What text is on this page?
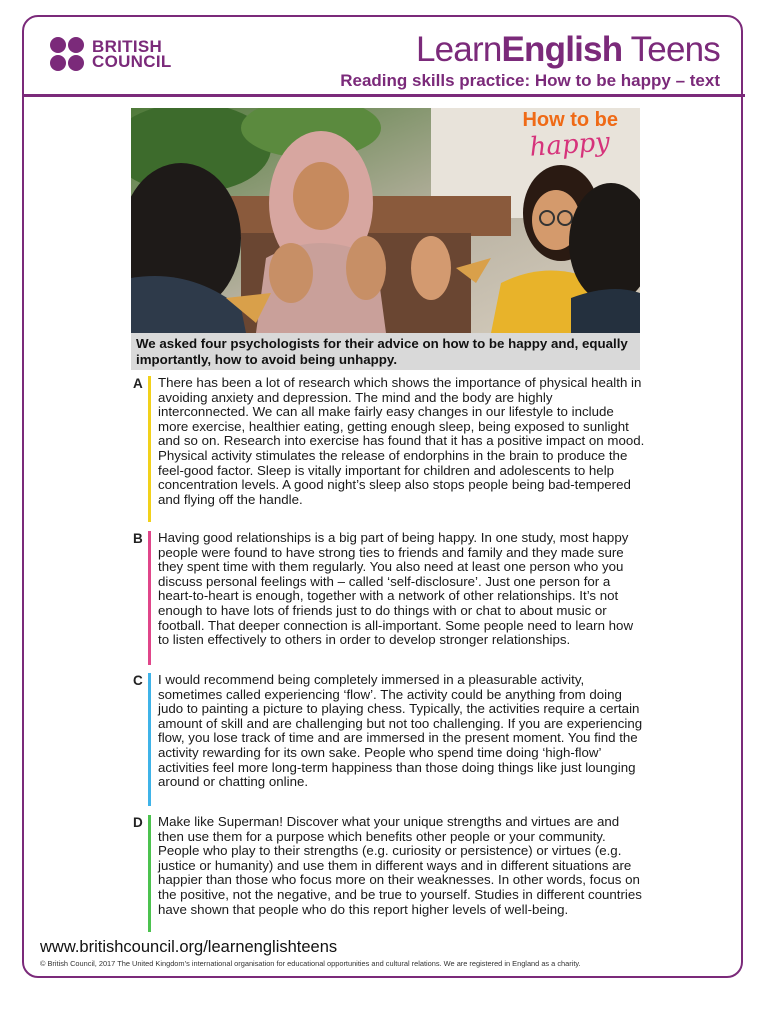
BRITISH
COUNCIL	LearnEnglish Teens
Reading skills practice: How to be happy – text
How to be
happy
We asked four psychologists for their advice on how to be happy and, equally importantly, how to avoid being unhappy.
A There has been a lot of research which shows the importance of physical health in avoiding anxiety and depression. The mind and the body are highly interconnected. We can all make fairly easy changes in our lifestyle to include more exercise, healthier eating, getting enough sleep, being exposed to sunlight and so on. Research into exercise has found that it has a positive impact on mood. Physical activity stimulates the release of endorphins in the brain to produce the feel-good factor. Sleep is vitally important for children and adolescents to help concentration levels. A good night’s sleep also stops people being bad-tempered and flying off the handle.
B Having good relationships is a big part of being happy. In one study, most happy people were found to have strong ties to friends and family and they made sure they spent time with them regularly. You also need at least one person who you discuss personal feelings with – called ‘self-disclosure’. Just one person for a heart-to-heart is enough, together with a network of other relationships. It’s not enough to have lots of friends just to do things with or chat to about music or football. That deeper connection is all-important. Some people need to learn how to listen effectively to others in order to develop stronger relationships.
C I would recommend being completely immersed in a pleasurable activity, sometimes called experiencing ‘flow’. The activity could be anything from doing judo to painting a picture to playing chess. Typically, the activities require a certain amount of skill and are challenging but not too challenging. If you are experiencing flow, you lose track of time and are immersed in the present moment. You find the activity rewarding for its own sake. People who spend time doing ‘high-flow’ activities feel more long-term happiness than those doing things like just lounging around or chatting online.
D Make like Superman! Discover what your unique strengths and virtues are and then use them for a purpose which benefits other people or your community. People who play to their strengths (e.g. curiosity or persistence) or virtues (e.g. justice or humanity) and use them in different ways and in different situations are happier than those who focus more on their weaknesses. In other words, focus on the positive, not the negative, and be true to yourself. Studies in different countries have shown that people who do this report higher levels of well-being.
www.britishcouncil.org/learnenglishteens
© British Council, 2017 The United Kingdom’s international organisation for educational opportunities and cultural relations. We are registered in England as a charity.
